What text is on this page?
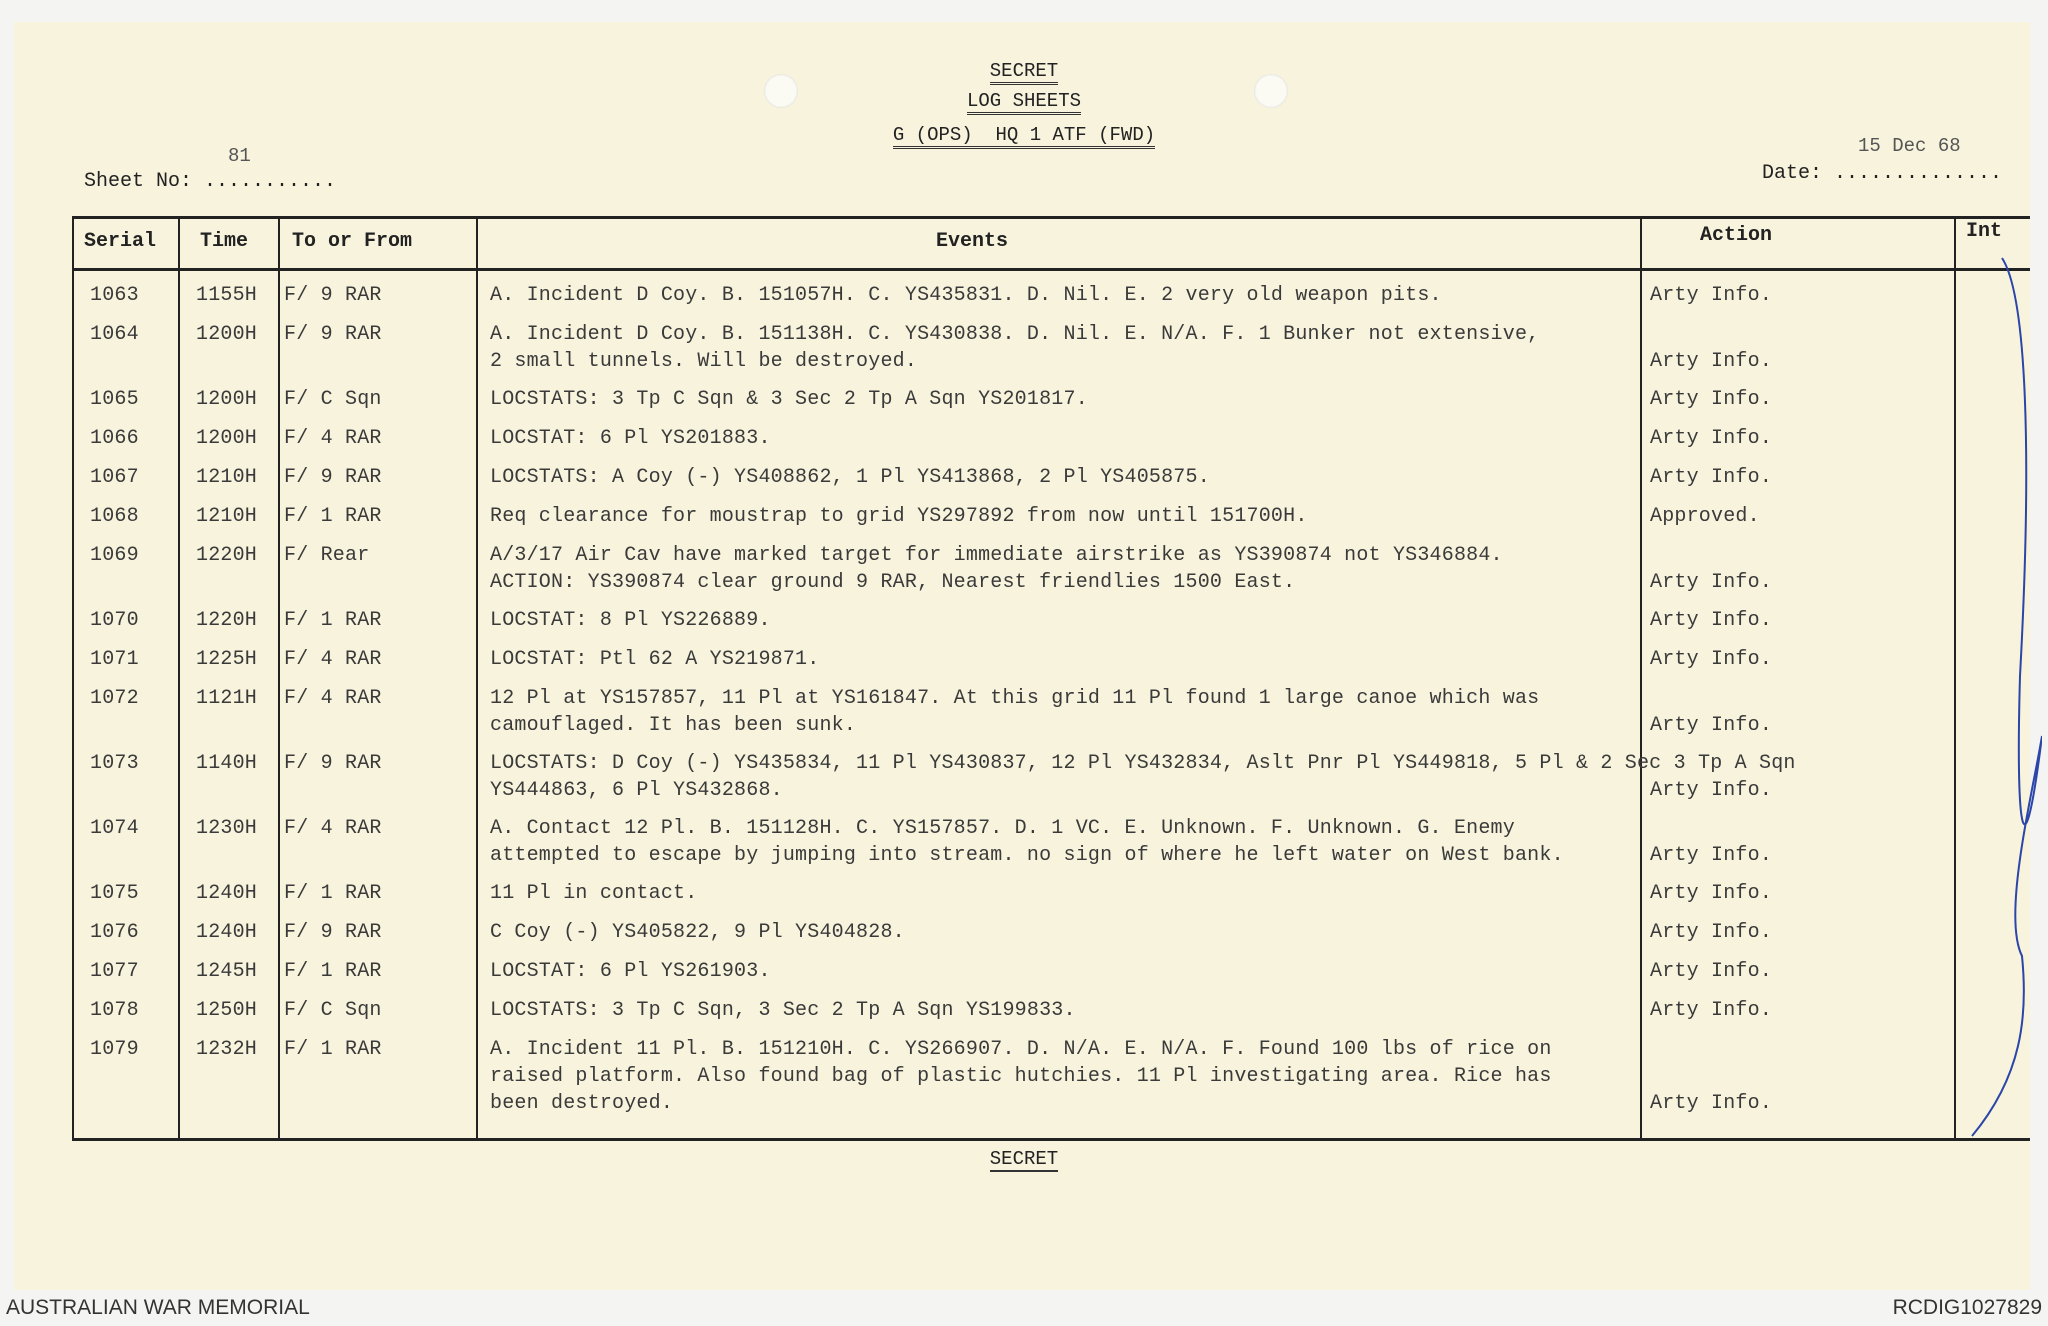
SECRET
LOG SHEETS
G (OPS)  HQ 1 ATF (FWD)
Sheet No: ...........
81
Date: ..............
15 Dec 68
Serial Time To or From	Events	Action	Int
1063	1155H F/ 9 RAR	A. Incident D Coy. B. 151057H. C. YS435831. D. Nil. E. 2 very old weapon pits.	Arty Info.
1064	1200H F/ 9 RAR	A. Incident D Coy. B. 151138H. C. YS430838. D. Nil. E. N/A. F. 1 Bunker not extensive,
2 small tunnels. Will be destroyed.	Arty Info.
1065	1200H F/ C Sqn	LOCSTATS: 3 Tp C Sqn & 3 Sec 2 Tp A Sqn YS201817.	Arty Info.
1066	1200H F/ 4 RAR	LOCSTAT: 6 Pl YS201883.	Arty Info.
1067	1210H F/ 9 RAR	LOCSTATS: A Coy (-) YS408862, 1 Pl YS413868, 2 Pl YS405875.	Arty Info.
1068	1210H F/ 1 RAR	Req clearance for moustrap to grid YS297892 from now until 151700H.	Approved.
1069	1220H F/ Rear	A/3/17 Air Cav have marked target for immediate airstrike as YS390874 not YS346884.
ACTION: YS390874 clear ground 9 RAR, Nearest friendlies 1500 East.	Arty Info.
1070	1220H F/ 1 RAR	LOCSTAT: 8 Pl YS226889.	Arty Info.
1071	1225H F/ 4 RAR	LOCSTAT: Ptl 62 A YS219871.	Arty Info.
1072	1121H F/ 4 RAR	12 Pl at YS157857, 11 Pl at YS161847. At this grid 11 Pl found 1 large canoe which was
camouflaged. It has been sunk.	Arty Info.
1073	1140H F/ 9 RAR	LOCSTATS: D Coy (-) YS435834, 11 Pl YS430837, 12 Pl YS432834, Aslt Pnr Pl YS449818, 5 Pl & 2 Sec 3 Tp A Sqn
YS444863, 6 Pl YS432868.	Arty Info.
1074	1230H F/ 4 RAR	A. Contact 12 Pl. B. 151128H. C. YS157857. D. 1 VC. E. Unknown. F. Unknown. G. Enemy
attempted to escape by jumping into stream. no sign of where he left water on West bank.	Arty Info.
1075	1240H F/ 1 RAR	11 Pl in contact.	Arty Info.
1076	1240H F/ 9 RAR	C Coy (-) YS405822, 9 Pl YS404828.	Arty Info.
1077	1245H F/ 1 RAR	LOCSTAT: 6 Pl YS261903.	Arty Info.
1078	1250H F/ C Sqn	LOCSTATS: 3 Tp C Sqn, 3 Sec 2 Tp A Sqn YS199833.	Arty Info.
1079	1232H F/ 1 RAR	A. Incident 11 Pl. B. 151210H. C. YS266907. D. N/A. E. N/A. F. Found 100 lbs of rice on
raised platform. Also found bag of plastic hutchies. 11 Pl investigating area. Rice has
been destroyed.	Arty Info.
SECRET
AUSTRALIAN WAR MEMORIAL	RCDIG1027829
